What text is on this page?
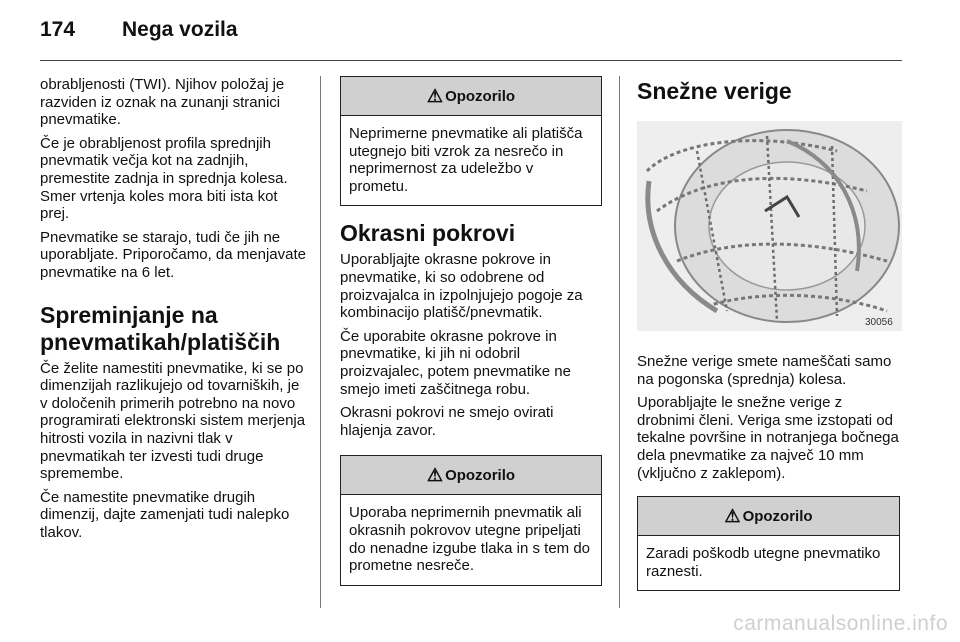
174 Nega vozila

obrabljenosti (TWI). Njihov položaj je razviden iz oznak na zunanji stranici pnevmatike.

Če je obrabljenost profila sprednjih pnevmatik večja kot na zadnjih, premestite zadnja in sprednja kolesa. Smer vrtenja koles mora biti ista kot prej.

Pnevmatike se starajo, tudi če jih ne uporabljate. Priporočamo, da menjavate pnevmatike na 6 let.

Spreminjanje na pnevmatikah/platiščih

Če želite namestiti pnevmatike, ki se po dimenzijah razlikujejo od tovarniških, je v določenih primerih potrebno na novo programirati elektronski sistem merjenja hitrosti vozila in nazivni tlak v pnevmatikah ter izvesti tudi druge spremembe.

Če namestite pnevmatike drugih dimenzij, dajte zamenjati tudi nalepko tlakov.

⚠ Opozorilo
Neprimerne pnevmatike ali platišča utegnejo biti vzrok za nesrečo in neprimernost za udeležbo v prometu.
Okrasni pokrovi

Uporabljajte okrasne pokrove in pnevmatike, ki so odobrene od proizvajalca in izpolnjujejo pogoje za kombinacijo platišč/pnevmatik.

Če uporabite okrasne pokrove in pnevmatike, ki jih ni odobril proizvajalec, potem pnevmatike ne smejo imeti zaščitnega robu.

Okrasni pokrovi ne smejo ovirati hlajenja zavor.

⚠ Opozorilo
Uporaba neprimernih pnevmatik ali okrasnih pokrovov utegne pripeljati do nenadne izgube tlaka in s tem do prometne nesreče.
Snežne verige
30056

Snežne verige smete nameščati samo na pogonska (sprednja) kolesa.

Uporabljajte le snežne verige z drobnimi členi. Veriga sme izstopati od tekalne površine in notranjega bočnega dela pnevmatike za največ 10 mm (vključno z zaklepom).

⚠ Opozorilo
Zaradi poškodb utegne pnevmatiko raznesti.
carmanualsonline.info
